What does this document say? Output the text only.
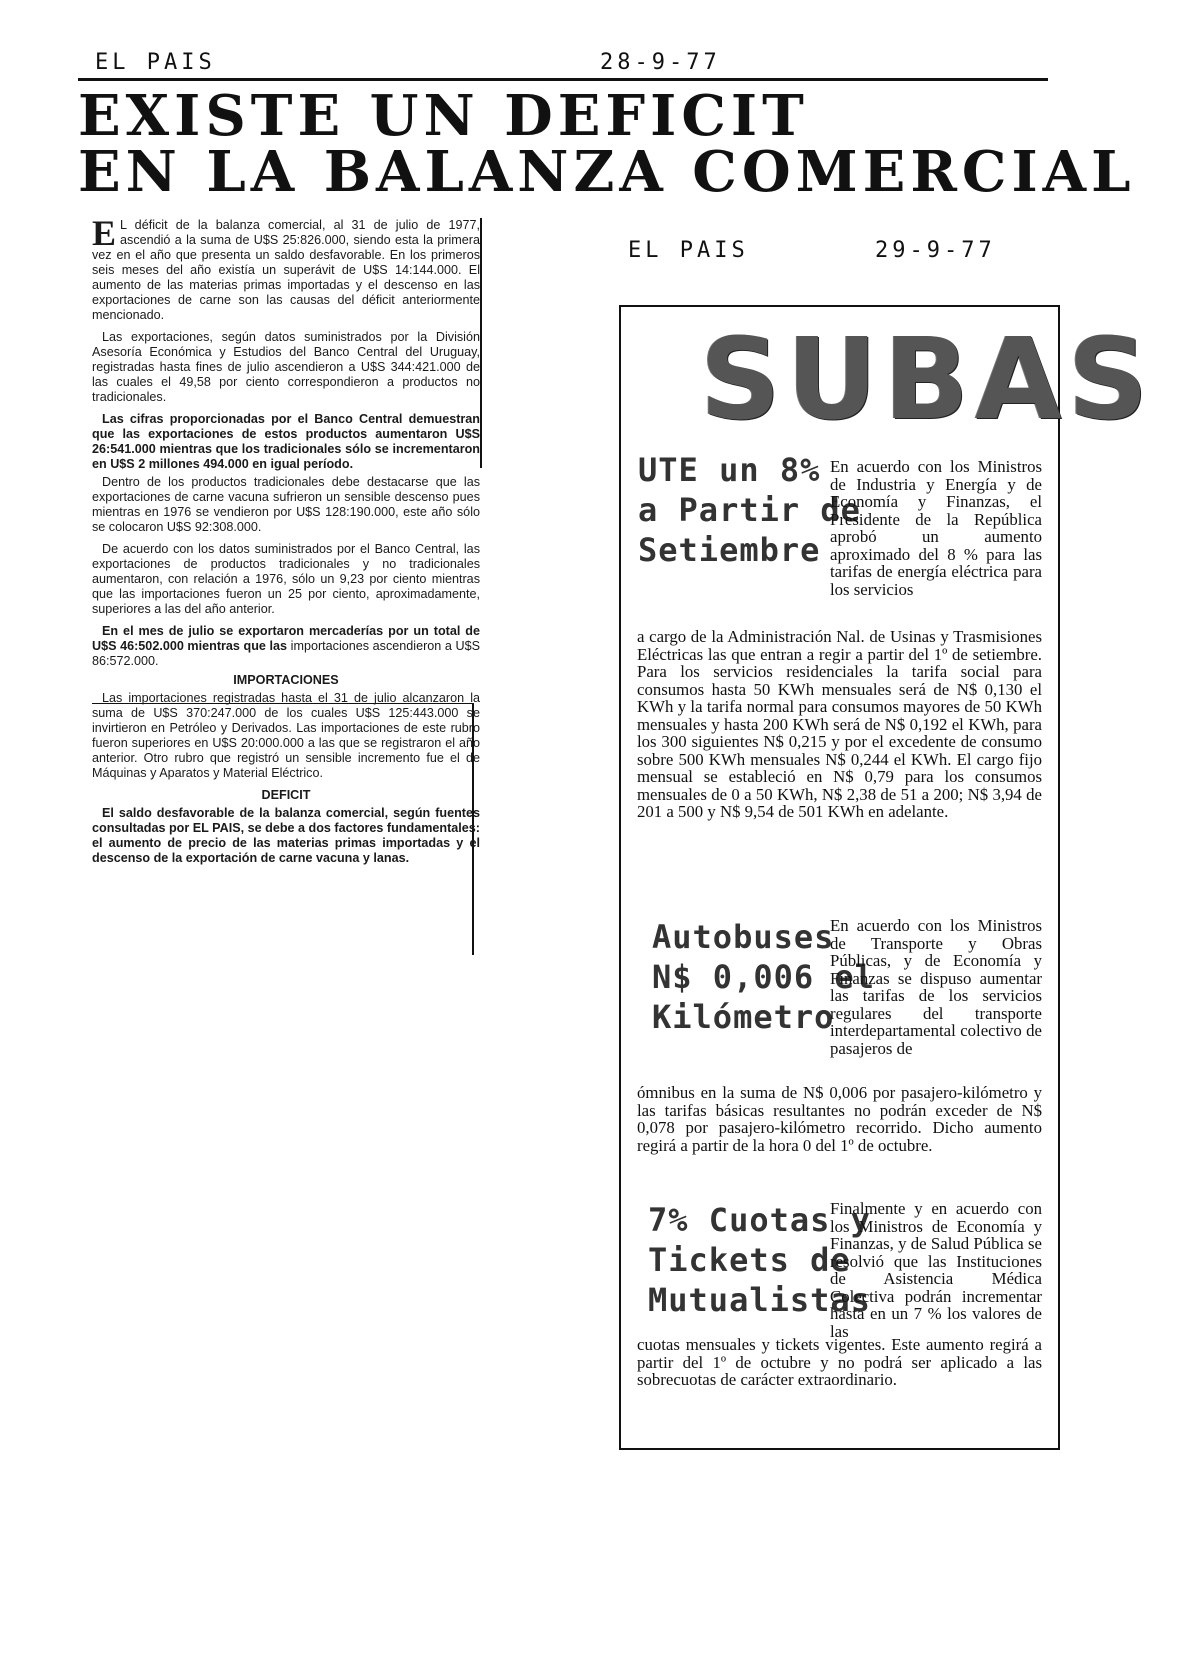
EL PAIS	28-9-77
EXISTE UN DEFICIT
EN LA BALANZA COMERCIAL

E L déficit de la balanza comercial, al 31 de julio de 1977, ascendió a la suma de U$S 25:826.000, siendo esta la primera vez en el año que presenta un saldo desfavorable. En los primeros seis meses del año existía un superávit de U$S 14:144.000. El aumento de las materias primas importadas y el descenso en las exportaciones de carne son las causas del déficit anteriormente mencionado.

Las exportaciones, según datos suministrados por la División Asesoría Económica y Estudios del Banco Central del Uruguay, registradas hasta fines de julio ascendieron a U$S 344:421.000 de las cuales el 49,58 por ciento correspondieron a productos no tradicionales.

Las cifras proporcionadas por el Banco Central demuestran que las exportaciones de estos productos aumentaron U$S 26:541.000 mientras que los tradicionales sólo se incrementaron en U$S 2 millones 494.000 en igual período.

Dentro de los productos tradicionales debe destacarse que las exportaciones de carne vacuna sufrieron un sensible descenso pues mientras en 1976 se vendieron por U$S 128:190.000, este año sólo se colocaron U$S 92:308.000.

De acuerdo con los datos suministrados por el Banco Central, las exportaciones de productos tradicionales y no tradicionales aumentaron, con relación a 1976, sólo un 9,23 por ciento mientras que las importaciones fueron un 25 por ciento, aproximadamente, superiores a las del año anterior.

En el mes de julio se exportaron mercaderías por un total de U$S 46:502.000 mientras que las importaciones ascendieron a U$S 86:572.000.

IMPORTACIONES

Las importaciones registradas hasta el 31 de julio alcanzaron la suma de U$S 370:247.000 de los cuales U$S 125:443.000 se invirtieron en Petróleo y Derivados. Las importaciones de este rubro fueron superiores en U$S 20:000.000 a las que se registraron el año anterior. Otro rubro que registró un sensible incremento fue el de Máquinas y Aparatos y Material Eléctrico.

DEFICIT

El saldo desfavorable de la balanza comercial, según fuentes consultadas por EL PAIS, se debe a dos factores fundamentales: el aumento de precio de las materias primas importadas y el descenso de la exportación de carne vacuna y lanas.

EL PAIS	29-9-77
SUBAS
UTE un 8%
a Partir de
Setiembre
En acuerdo con los Ministros de Industria y Energía y de Economía y Finanzas, el Presidente de la República aprobó un aumento aproximado del 8 % para las tarifas de energía eléctrica para los servicios
a cargo de la Administración Nal. de Usinas y Trasmisiones Eléctricas las que entran a regir a partir del 1º de setiembre. Para los servicios residenciales la tarifa social para consumos hasta 50 KWh mensuales será de N$ 0,130 el KWh y la tarifa normal para consumos mayores de 50 KWh mensuales y hasta 200 KWh será de N$ 0,192 el KWh, para los 300 siguientes N$ 0,215 y por el excedente de consumo sobre 500 KWh mensuales N$ 0,244 el KWh. El cargo fijo mensual se estableció en N$ 0,79 para los consumos mensuales de 0 a 50 KWh, N$ 2,38 de 51 a 200; N$ 3,94 de 201 a 500 y N$ 9,54 de 501 KWh en adelante.
Autobuses
N$ 0,006 el
Kilómetro
En acuerdo con los Ministros de Transporte y Obras Públicas, y de Economía y Finanzas se dispuso aumentar las tarifas de los servicios regulares del transporte interdepartamental colectivo de pasajeros de
ómnibus en la suma de N$ 0,006 por pasajero-kilómetro y las tarifas básicas resultantes no podrán exceder de N$ 0,078 por pasajero-kilómetro recorrido. Dicho aumento regirá a partir de la hora 0 del 1º de octubre.
7% Cuotas y
Tickets de
Mutualistas
Finalmente y en acuerdo con los Ministros de Economía y Finanzas, y de Salud Pública se resolvió que las Instituciones de Asistencia Médica Colectiva podrán incrementar hasta en un 7 % los valores de las
cuotas mensuales y tickets vigentes. Este aumento regirá a partir del 1º de octubre y no podrá ser aplicado a las sobrecuotas de carácter extraordinario.
